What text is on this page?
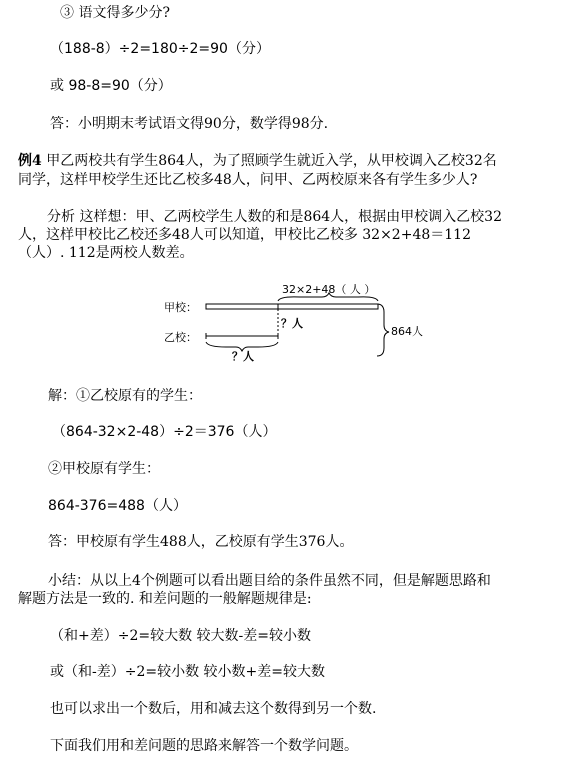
③ 语文得多少分?
（188-8）÷2=180÷2=90（分）
或 98-8=90（分）
答：小明期末考试语文得90分，数学得98分.
例4 甲乙两校共有学生864人，为了照顾学生就近入学，从甲校调入乙校32名
同学，这样甲校学生还比乙校多48人，问甲、乙两校原来各有学生多少人?
分析 这样想：甲、乙两校学生人数的和是864人，根据由甲校调入乙校32
人，这样甲校比乙校还多48人可以知道，甲校比乙校多 32×2+48＝112
（人）. 112是两校人数差。
甲校：
乙校：
32×2+48（ 人 ）
？人
？人
864人
解：①乙校原有的学生：
（864-32×2-48）÷2＝376（人）
②甲校原有学生：
864-376=488（人）
答：甲校原有学生488人，乙校原有学生376人。
小结：从以上4个例题可以看出题目给的条件虽然不同，但是解题思路和
解题方法是一致的. 和差问题的一般解题规律是:
（和+差）÷2=较大数 较大数-差=较小数
或（和-差）÷2=较小数 较小数+差=较大数
也可以求出一个数后，用和减去这个数得到另一个数.
下面我们用和差问题的思路来解答一个数学问题。
